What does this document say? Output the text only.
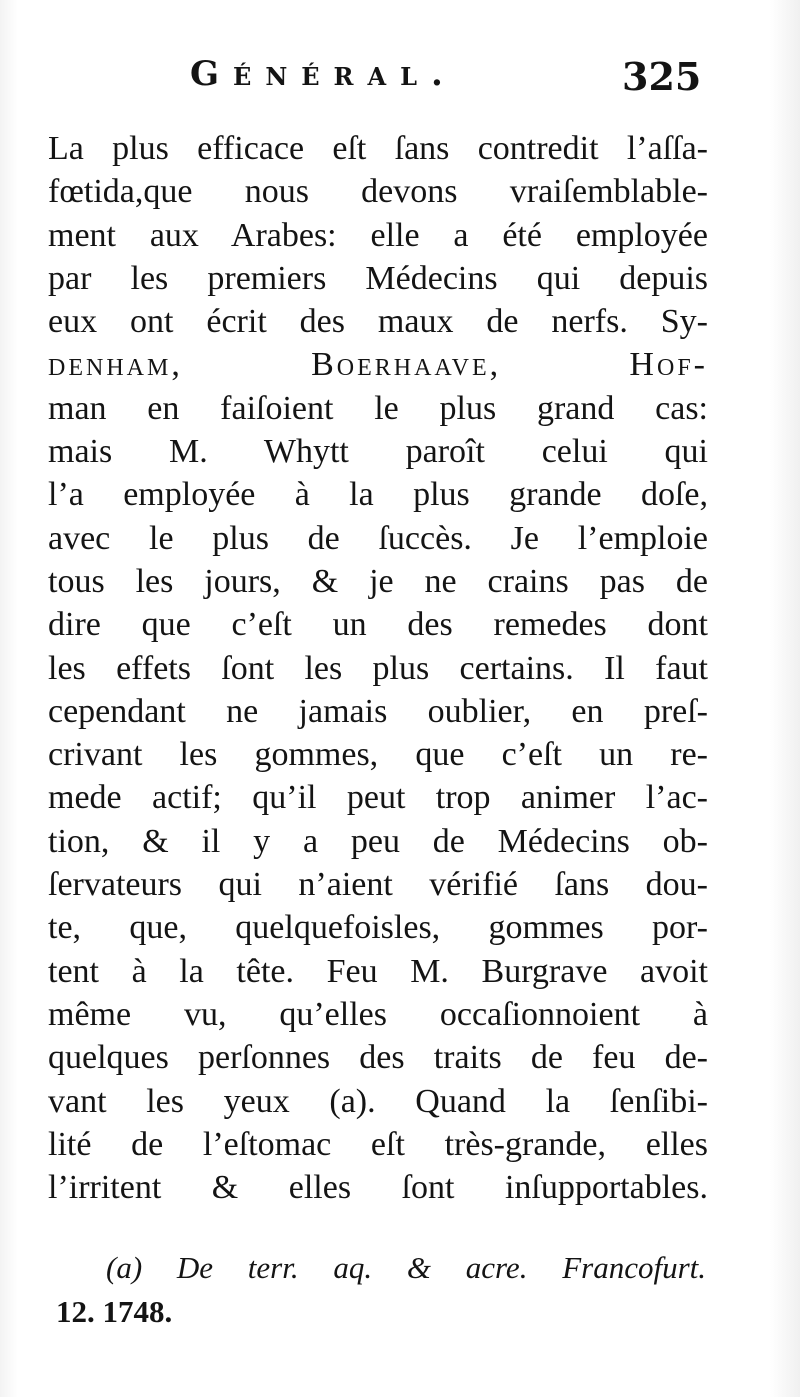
Général.	325
La plus efficace eſt ſans contredit l’aſſa-
fœtida,que nous devons vraiſemblable-
ment aux Arabes: elle a été employée
par les premiers Médecins qui depuis
eux ont écrit des maux de nerfs. Sy-
denham, Boerhaave, Hof-
man en faiſoient le plus grand cas:
mais M. Whytt paroît celui qui
l’a employée à la plus grande doſe,
avec le plus de ſuccès. Je l’emploie
tous les jours, & je ne crains pas de
dire que c’eſt un des remedes dont
les effets ſont les plus certains. Il faut
cependant ne jamais oublier, en preſ-
crivant les gommes, que c’eſt un re-
mede actif; qu’il peut trop animer l’ac-
tion, & il y a peu de Médecins ob-
ſervateurs qui n’aient vérifié ſans dou-
te, que, quelquefoisles, gommes por-
tent à la tête. Feu M. Burgrave avoit
même vu, qu’elles occaſionnoient à
quelques perſonnes des traits de feu de-
vant les yeux (a). Quand la ſenſibi-
lité de l’eſtomac eſt très-grande, elles
l’irritent & elles ſont inſupportables.
(a) De terr. aq. & acre. Francofurt.
12. 1748.
